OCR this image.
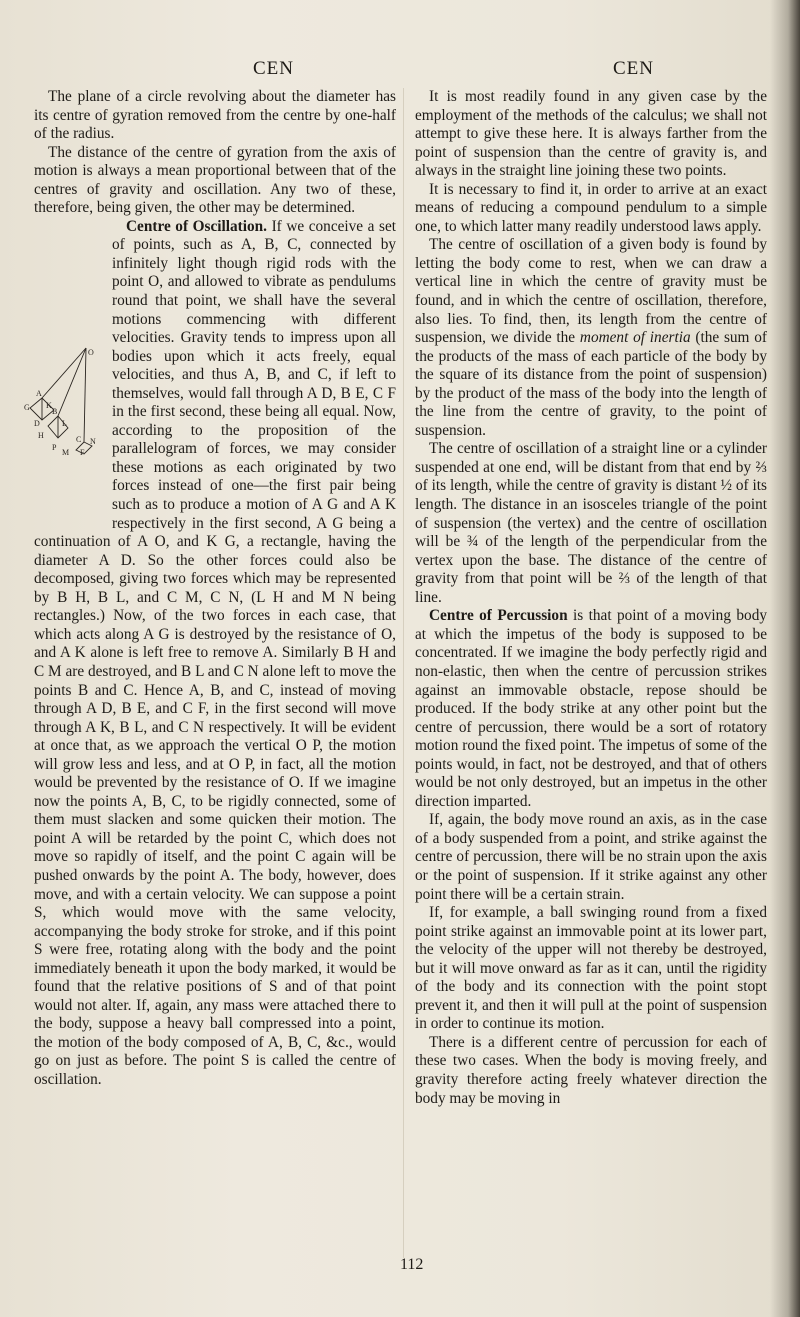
CEN	CEN

The plane of a circle revolving about the diameter has its centre of gyration removed from the centre by one-half of the radius.

The distance of the centre of gyration from the axis of motion is always a mean proportional between that of the centres of gravity and oscillation. Any two of these, therefore, being given, the other may be determined.

Centre of Oscillation.
O
A
G K
B
D	L
H	C N
P
M F
If we conceive a set of points, such as A, B, C, connected by infinitely light though rigid rods with the point O, and allowed to vibrate as pendulums round that point, we shall have the several motions commencing with different velocities. Gravity tends to impress upon all bodies upon which it acts freely, equal velocities, and thus A, B, and C, if left to themselves, would fall through A D, B E, C F in the first second, these being all equal. Now, according to the proposition of the parallelogram of forces, we may consider these motions as each originated by two forces instead of one—the first pair being such as to produce a motion of A G and A K respectively in the first second, A G being a continuation of A O, and K G, a rectangle, having the diameter A D. So the other forces could also be decomposed, giving two forces which may be represented by B H, B L, and C M, C N, (L H and M N being rectangles.) Now, of the two forces in each case, that which acts along A G is destroyed by the resistance of O, and A K alone is left free to remove A. Similarly B H and C M are destroyed, and B L and C N alone left to move the points B and C. Hence A, B, and C, instead of moving through A D, B E, and C F, in the first second will move through A K, B L, and C N respectively. It will be evident at once that, as we approach the vertical O P, the motion will grow less and less, and at O P, in fact, all the motion would be prevented by the resistance of O. If we imagine now the points A, B, C, to be rigidly connected, some of them must slacken and some quicken their motion. The point A will be retarded by the point C, which does not move so rapidly of itself, and the point C again will be pushed onwards by the point A. The body, however, does move, and with a certain velocity. We can suppose a point S, which would move with the same velocity, accompanying the body stroke for stroke, and if this point S were free, rotating along with the body and the point immediately beneath it upon the body marked, it would be found that the relative positions of S and of that point would not alter. If, again, any mass were attached there to the body, suppose a heavy ball compressed into a point, the motion of the body composed of A, B, C, &c., would go on just as before. The point S is called the centre of oscillation.

It is most readily found in any given case by the employment of the methods of the calculus; we shall not attempt to give these here. It is always farther from the point of suspension than the centre of gravity is, and always in the straight line joining these two points.

It is necessary to find it, in order to arrive at an exact means of reducing a compound pendulum to a simple one, to which latter many readily understood laws apply.

The centre of oscillation of a given body is found by letting the body come to rest, when we can draw a vertical line in which the centre of gravity must be found, and in which the centre of oscillation, therefore, also lies. To find, then, its length from the centre of suspension, we divide the moment of inertia (the sum of the products of the mass of each particle of the body by the square of its distance from the point of suspension) by the product of the mass of the body into the length of the line from the centre of gravity, to the point of suspension.

The centre of oscillation of a straight line or a cylinder suspended at one end, will be distant from that end by ⅔ of its length, while the centre of gravity is distant ½ of its length. The distance in an isosceles triangle of the point of suspension (the vertex) and the centre of oscillation will be ¾ of the length of the perpendicular from the vertex upon the base. The distance of the centre of gravity from that point will be ⅔ of the length of that line.

Centre of Percussion is that point of a moving body at which the impetus of the body is supposed to be concentrated. If we imagine the body perfectly rigid and non-elastic, then when the centre of percussion strikes against an immovable obstacle, repose should be produced. If the body strike at any other point but the centre of percussion, there would be a sort of rotatory motion round the fixed point. The impetus of some of the points would, in fact, not be destroyed, and that of others would be not only destroyed, but an impetus in the other direction imparted.

If, again, the body move round an axis, as in the case of a body suspended from a point, and strike against the centre of percussion, there will be no strain upon the axis or the point of suspension. If it strike against any other point there will be a certain strain.

If, for example, a ball swinging round from a fixed point strike against an immovable point at its lower part, the velocity of the upper will not thereby be destroyed, but it will move onward as far as it can, until the rigidity of the body and its connection with the point stopt prevent it, and then it will pull at the point of suspension in order to continue its motion.

There is a different centre of percussion for each of these two cases. When the body is moving freely, and gravity therefore acting freely whatever direction the body may be moving in

112
